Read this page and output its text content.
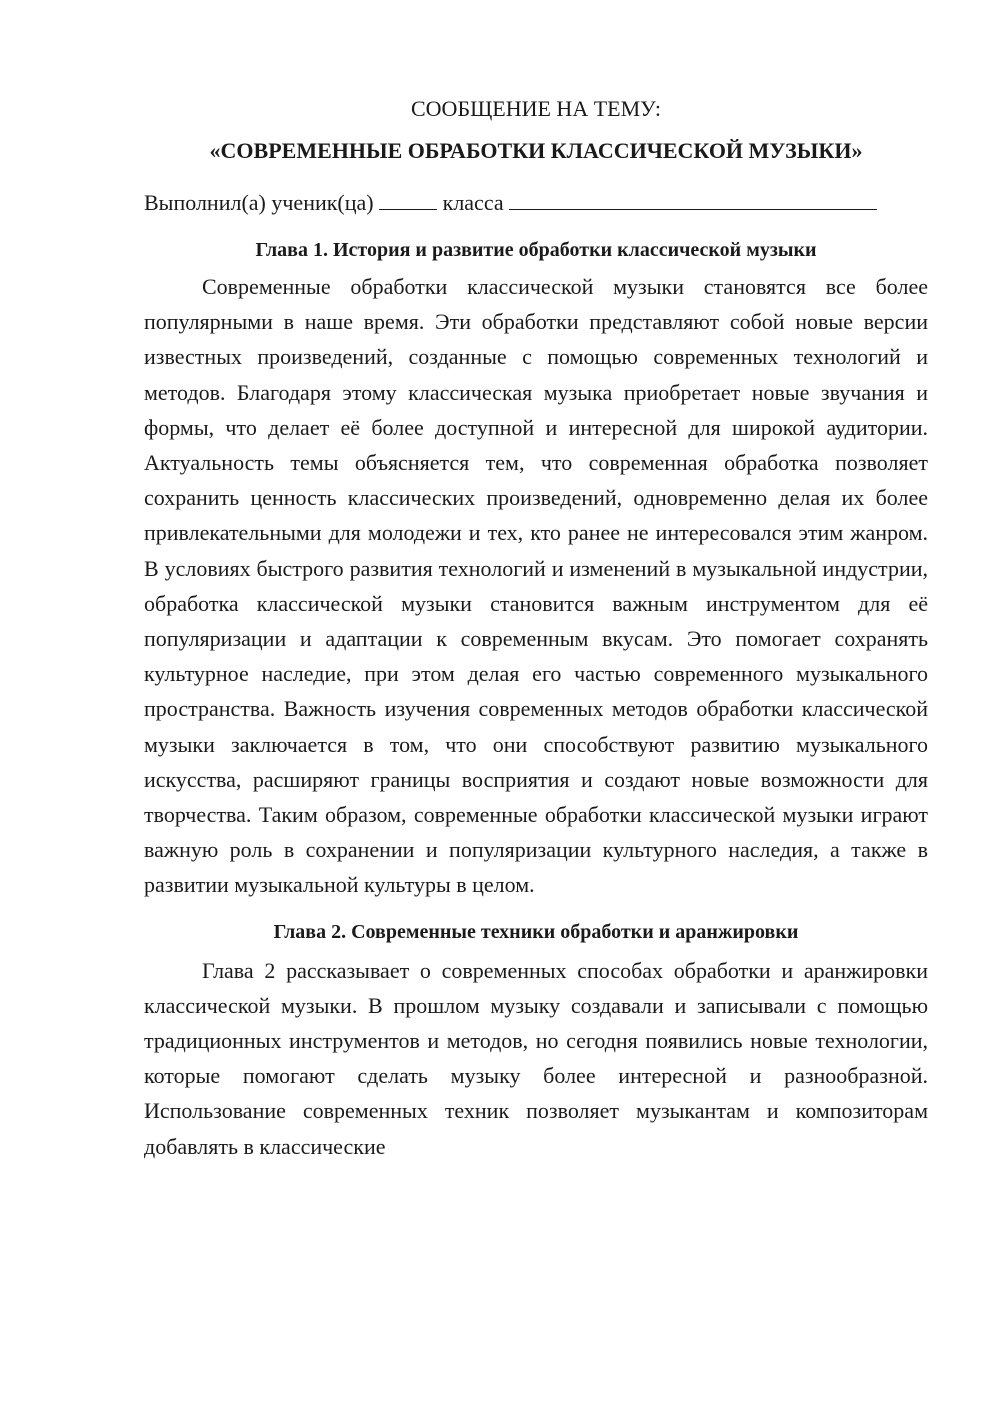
СООБЩЕНИЕ НА ТЕМУ:

«СОВРЕМЕННЫЕ ОБРАБОТКИ КЛАССИЧЕСКОЙ МУЗЫКИ»

Выполнил(а) ученик(ца)	класса

Глава 1. История и развитие обработки классической музыки

Современные обработки классической музыки становятся все более популярными в наше время. Эти обработки представляют собой новые версии известных произведений, созданные с помощью современных технологий и методов. Благодаря этому классическая музыка приобретает новые звучания и формы, что делает её более доступной и интересной для широкой аудитории. Актуальность темы объясняется тем, что современная обработка позволяет сохранить ценность классических произведений, одновременно делая их более привлекательными для молодежи и тех, кто ранее не интересовался этим жанром. В условиях быстрого развития технологий и изменений в музыкальной индустрии, обработка классической музыки становится важным инструментом для её популяризации и адаптации к современным вкусам. Это помогает сохранять культурное наследие, при этом делая его частью современного музыкального пространства. Важность изучения современных методов обработки классической музыки заключается в том, что они способствуют развитию музыкального искусства, расширяют границы восприятия и создают новые возможности для творчества. Таким образом, современные обработки классической музыки играют важную роль в сохранении и популяризации культурного наследия, а также в развитии музыкальной культуры в целом.

Глава 2. Современные техники обработки и аранжировки

Глава 2 рассказывает о современных способах обработки и аранжировки классической музыки. В прошлом музыку создавали и записывали с помощью традиционных инструментов и методов, но сегодня появились новые технологии, которые помогают сделать музыку более интересной и разнообразной. Использование современных техник позволяет музыкантам и композиторам добавлять в классические
